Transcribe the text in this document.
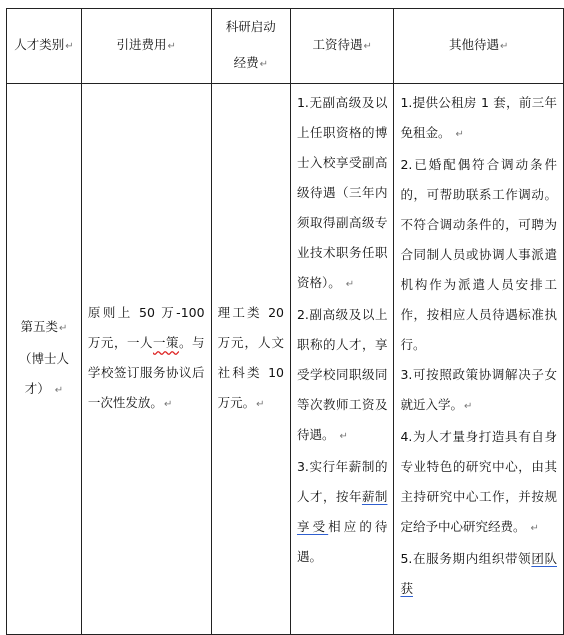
人才类别↵	引进费用↵	科研启动
经费↵	工资待遇↵	其他待遇↵

第五类↵
（博士人
才） ↵	原则上 50 万-100 万元，一人一策。与学校签订服务协议后一次性发放。↵	理工类 20 万元，人文社科类 10 万元。↵	1.无副高级及以上任职资格的博士入校享受副高级待遇（三年内须取得副高级专业技术职务任职资格）。 ↵
2.副高级及以上职称的人才，享受学校同职级同等次教师工资及待遇。 ↵
3.实行年薪制的人才，按年薪制享受相应的待遇。	1.提供公租房 1 套，前三年免租金。 ↵
2.已婚配偶符合调动条件的，可帮助联系工作调动。不符合调动条件的，可聘为合同制人员或协调人事派遣机构作为派遣人员安排工作，按相应人员待遇标准执行。
3.可按照政策协调解决子女就近入学。↵
4.为人才量身打造具有自身专业特色的研究中心，由其主持研究中心工作，并按规定给予中心研究经费。 ↵
5.在服务期内组织带领团队获
